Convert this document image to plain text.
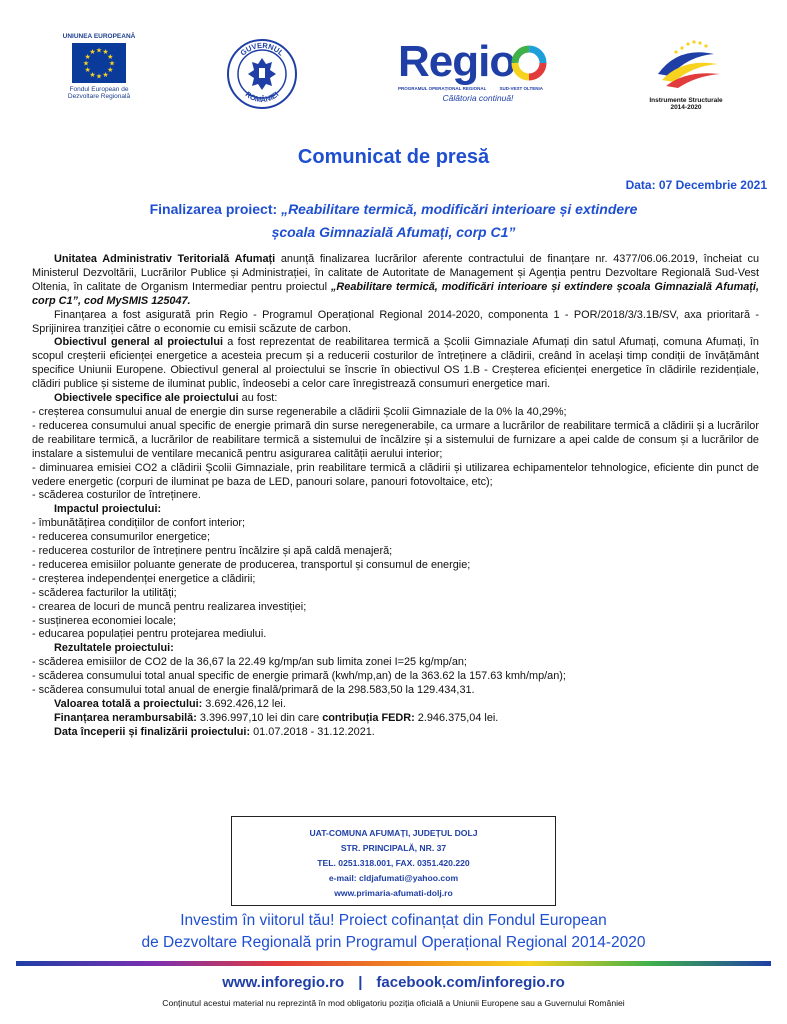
UNIUNEA EUROPEANĂ
★ ★
★
★
★
★
★
★
★
★
★
★
Fondul European de
Dezvoltare Regională
GUVERNUL
ROMÂNIEI
Regio
PROGRAMUL OPERAȚIONAL REGIONAL	SUD-VEST OLTENIA
Călătoria continuă!	Instrumente Structurale
2014-2020
Comunicat de presă
Data: 07 Decembrie 2021
Finalizarea proiect: „Reabilitare termică, modificări interioare și extindere
școala Gimnazială Afumați, corp C1”

Unitatea Administrativ Teritorială Afumați anunță finalizarea lucrărilor aferente contractului de finanțare nr. 4377/06.06.2019, încheiat cu Ministerul Dezvoltării, Lucrărilor Publice și Administrației, în calitate de Autoritate de Management și Agenția pentru Dezvoltare Regională Sud-Vest Oltenia, în calitate de Organism Intermediar pentru proiectul „Reabilitare termică, modificări interioare și extindere școala Gimnazială Afumați, corp C1”, cod MySMIS 125047.

Finanțarea a fost asigurată prin Regio - Programul Operațional Regional 2014-2020, componenta 1 - POR/2018/3/3.1B/SV, axa prioritară - Sprijinirea tranziției către o economie cu emisii scăzute de carbon.

Obiectivul general al proiectului a fost reprezentat de reabilitarea termică a Școlii Gimnaziale Afumați din satul Afumați, comuna Afumați, în scopul creșterii eficienței energetice a acesteia precum și a reducerii costurilor de întreținere a clădirii, creând în același timp condiții de învățământ specifice Uniunii Europene. Obiectivul general al proiectului se înscrie în obiectivul OS 1.B - Creșterea eficienței energetice în clădirile rezidențiale, clădiri publice și sisteme de iluminat public, îndeosebi a celor care înregistrează consumuri energetice mari.

Obiectivele specifice ale proiectului au fost:

- creșterea consumului anual de energie din surse regenerabile a clădirii Școlii Gimnaziale de la 0% la 40,29%;

- reducerea consumului anual specific de energie primară din surse neregenerabile, ca urmare a lucrărilor de reabilitare termică a clădirii și a lucrărilor de reabilitare termică, a lucrărilor de reabilitare termică a sistemului de încălzire și a sistemului de furnizare a apei calde de consum și a lucrărilor de instalare a sistemului de ventilare mecanică pentru asigurarea calității aerului interior;

- diminuarea emisiei CO2 a clădirii Școlii Gimnaziale, prin reabilitare termică a clădirii și utilizarea echipamentelor tehnologice, eficiente din punct de vedere energetic (corpuri de iluminat pe baza de LED, panouri solare, panouri fotovoltaice, etc);

- scăderea costurilor de întreținere.

Impactul proiectului:

- îmbunătățirea condițiilor de confort interior;

- reducerea consumurilor energetice;

- reducerea costurilor de întreținere pentru încălzire și apă caldă menajeră;

- reducerea emisiilor poluante generate de producerea, transportul și consumul de energie;

- creșterea independenței energetice a clădirii;

- scăderea facturilor la utilități;

- crearea de locuri de muncă pentru realizarea investiției;

- susținerea economiei locale;

- educarea populației pentru protejarea mediului.

Rezultatele proiectului:

- scăderea emisiilor de CO2 de la 36,67 la 22.49 kg/mp/an sub limita zonei I=25 kg/mp/an;

- scăderea consumului total anual specific de energie primară (kwh/mp,an) de la 363.62 la 157.63 kmh/mp/an);

- scăderea consumului total anual de energie finală/primară de la 298.583,50 la 129.434,31.

Valoarea totală a proiectului: 3.692.426,12 lei.

Finanțarea nerambursabilă: 3.396.997,10 lei din care contribuția FEDR: 2.946.375,04 lei.

Data începerii și finalizării proiectului: 01.07.2018 - 31.12.2021.

UAT-COMUNA AFUMAȚI, JUDEȚUL DOLJ
STR. PRINCIPALĂ, NR. 37
TEL. 0251.318.001, FAX. 0351.420.220
e-mail: cldjafumati@yahoo.com
www.primaria-afumati-dolj.ro
Investim în viitorul tău! Proiect cofinanțat din Fondul European
de Dezvoltare Regională prin Programul Operațional Regional 2014-2020
www.inforegio.ro | facebook.com/inforegio.ro
Conținutul acestui material nu reprezintă în mod obligatoriu poziția oficială a Uniunii Europene sau a Guvernului României
